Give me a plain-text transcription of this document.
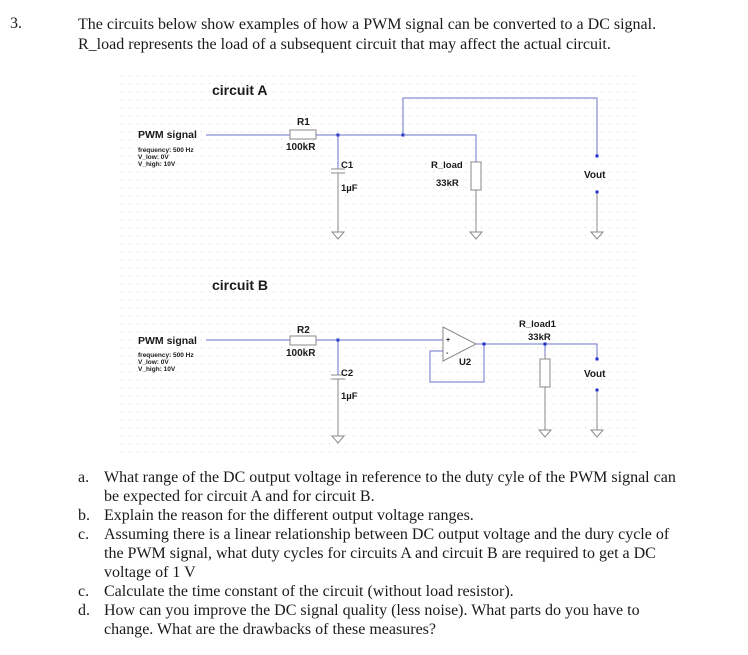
3.	The circuits below show examples of how a PWM signal can be converted to a DC signal.
R_load represents the load of a subsequent circuit that may affect the actual circuit.
circuit A
PWM signal
frequency: 500 Hz
V_low: 0V
V_high: 10V
R1
100kR
C1
1µF
R_load
33kR
Vout
circuit B
PWM signal
frequency: 500 Hz
V_low: 0V
V_high: 10V
R2
100kR
C2
1µF
+
-
U2
R_load1
33kR
Vout
a. What range of the DC output voltage in reference to the duty cyle of the PWM signal can
be expected for circuit A and for circuit B.
b. Explain the reason for the different output voltage ranges.
c. Assuming there is a linear relationship between DC output voltage and the dury cycle of
the PWM signal, what duty cycles for circuits A and circuit B are required to get a DC
voltage of 1 V
c. Calculate the time constant of the circuit (without load resistor).
d. How can you improve the DC signal quality (less noise). What parts do you have to
change. What are the drawbacks of these measures?
